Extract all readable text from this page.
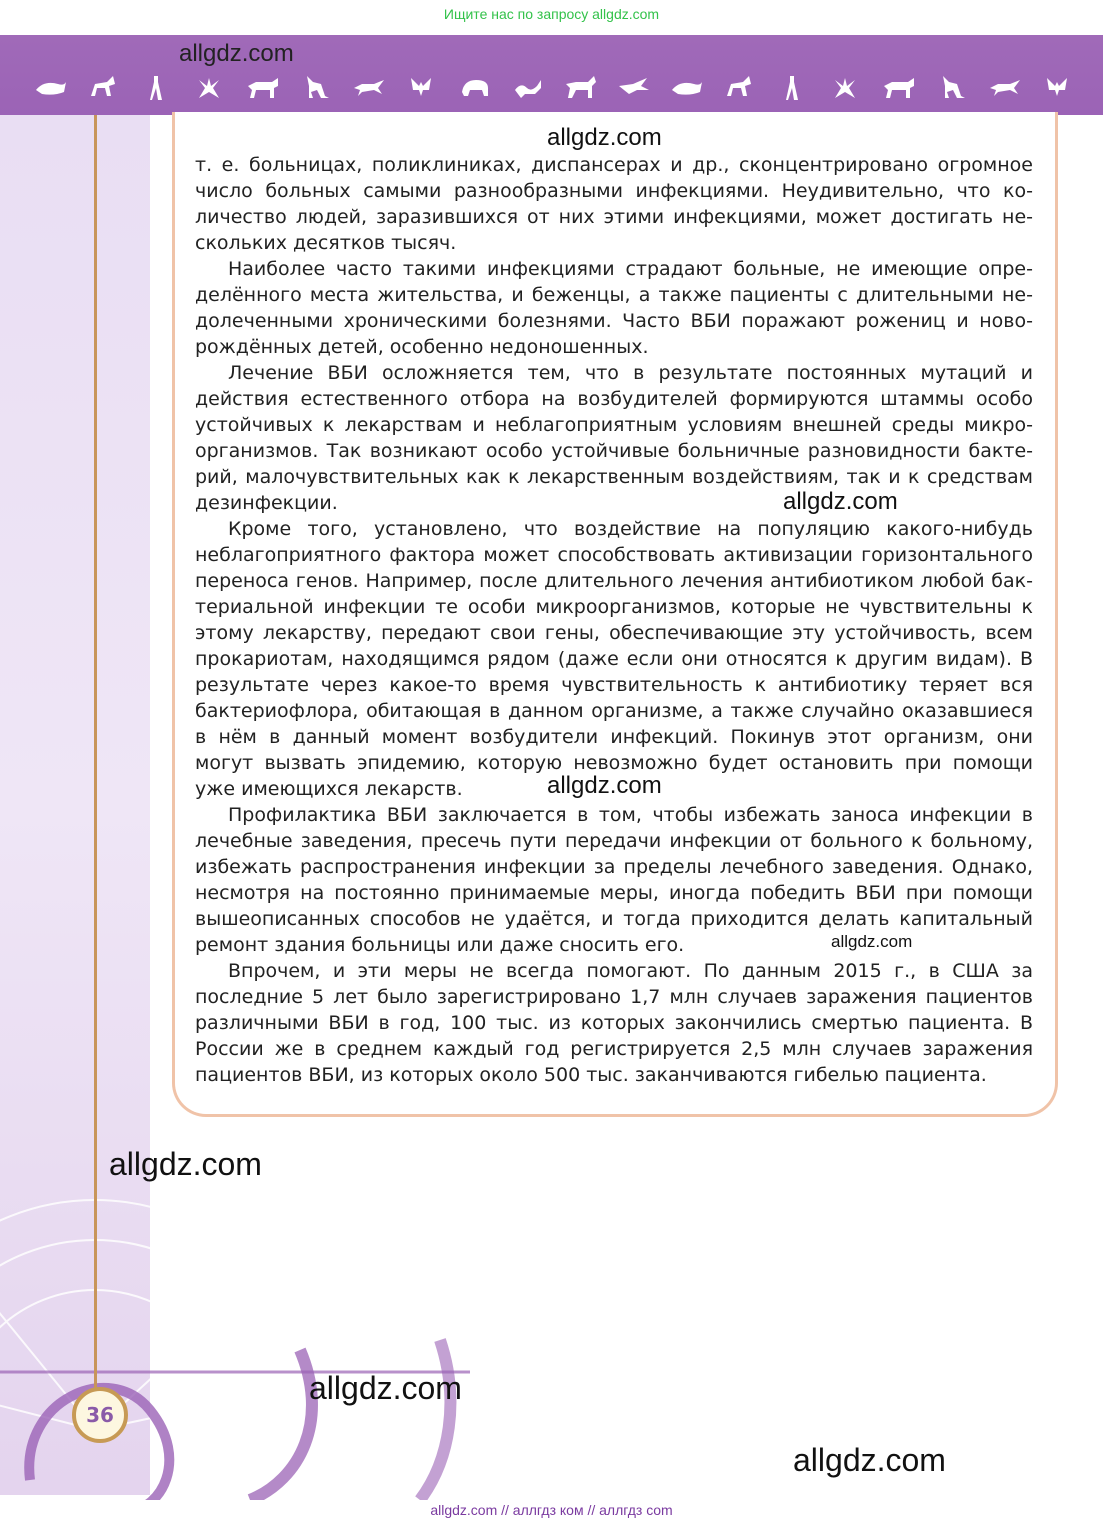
Ищите нас по запросу allgdz.com
allgdz.com

т. е. больницах, поликлиниках, диспансерах и др., сконцентрировано огромное число больных самыми разнообразными инфекциями. Неудивительно, что количество людей, заразившихся от них этими инфекциями, может достигать нескольких десятков тысяч.

Наиболее часто такими инфекциями страдают больные, не имеющие определённого места жительства, и беженцы, а также пациенты с длительными недолеченными хроническими болезнями. Часто ВБИ поражают рожениц и новорождённых детей, особенно недоношенных.

Лечение ВБИ осложняется тем, что в результате постоянных мутаций и действия естественного отбора на возбудителей формируются штаммы особо устойчивых к лекарствам и неблагоприятным условиям внешней среды микроорганизмов. Так возникают особо устойчивые больничные разновидности бактерий, малочувствительных как к лекарственным воздействиям, так и к средствам дезинфекции.

Кроме того, установлено, что воздействие на популяцию какого-нибудь неблагоприятного фактора может способствовать активизации горизонтального переноса генов. Например, после длительного лечения антибиотиком любой бактериальной инфекции те особи микроорганизмов, которые не чувствительны к этому лекарству, передают свои гены, обеспечивающие эту устойчивость, всем прокариотам, находящимся рядом (даже если они относятся к другим видам). В результате через какое-то время чувствительность к антибиотику теряет вся бактериофлора, обитающая в данном организме, а также случайно оказавшиеся в нём в данный момент возбудители инфекций. Покинув этот организм, они могут вызвать эпидемию, которую невозможно будет остановить при помощи уже имеющихся лекарств.

Профилактика ВБИ заключается в том, чтобы избежать заноса инфекции в лечебные заведения, пресечь пути передачи инфекции от больного к больному, избежать распространения инфекции за пределы лечебного заведения. Однако, несмотря на постоянно принимаемые меры, иногда победить ВБИ при помощи вышеописанных способов не удаётся, и тогда приходится делать капитальный ремонт здания больницы или даже сносить его.

Впрочем, и эти меры не всегда помогают. По данным 2015 г., в США за последние 5 лет было зарегистрировано 1,7 млн случаев заражения пациентов различными ВБИ в год, 100 тыс. из которых закончились смертью пациента. В России же в среднем каждый год регистрируется 2,5 млн случаев заражения пациентов ВБИ, из которых около 500 тыс. заканчиваются гибелью пациента.

allgdz.com
allgdz.com
allgdz.com
allgdz.com
allgdz.com
allgdz.com
allgdz.com
36
allgdz.com // аллгдз ком // аллгдз com
